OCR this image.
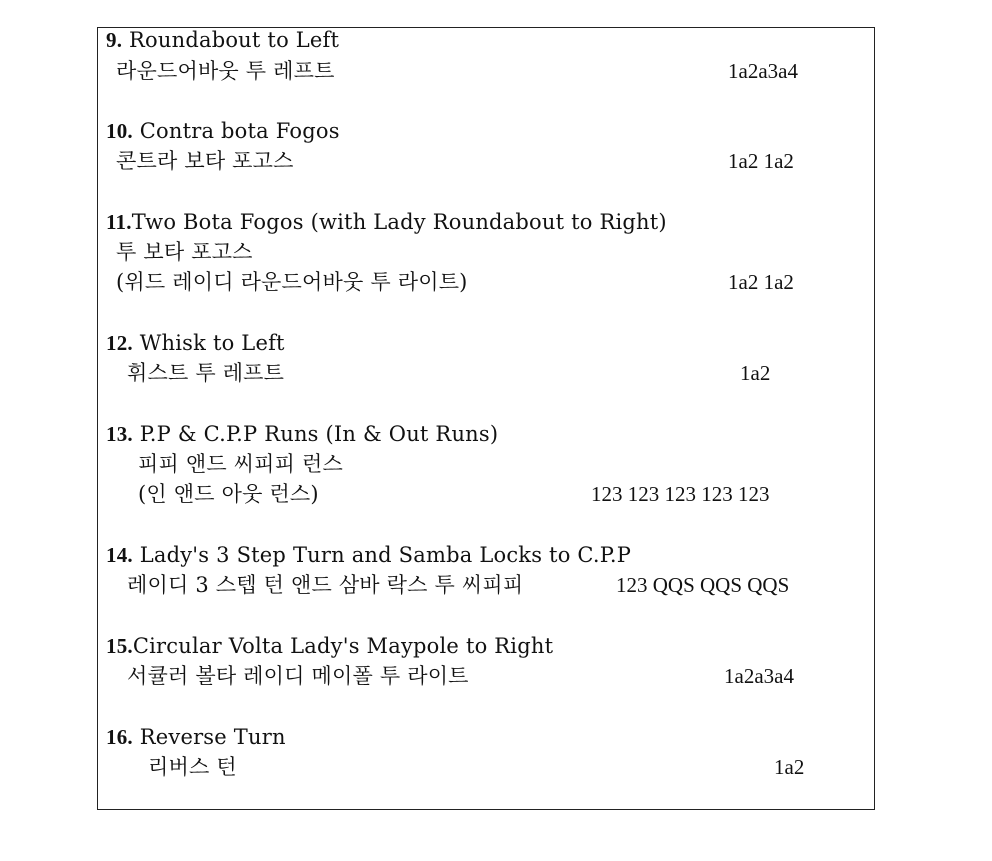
9. Roundabout to Left
라운드어바웃 투 레프트	1a2a3a4
10. Contra bota Fogos
콘트라 보타 포고스	1a2 1a2
11.Two Bota Fogos (with Lady Roundabout to Right)
투 보타 포고스
(위드 레이디 라운드어바웃 투 라이트)	1a2 1a2
12. Whisk to Left
휘스트 투 레프트	1a2
13. P.P & C.P.P Runs (In & Out Runs)
피피 앤드 씨피피 런스
(인 앤드 아웃 런스)	123 123 123 123 123
14. Lady's 3 Step Turn and Samba Locks to C.P.P
레이디 3 스텝 턴 앤드 삼바 락스 투 씨피피	123 QQS QQS QQS
15.Circular Volta Lady's Maypole to Right
서큘러 볼타 레이디 메이폴 투 라이트	1a2a3a4
16. Reverse Turn
리버스 턴	1a2
